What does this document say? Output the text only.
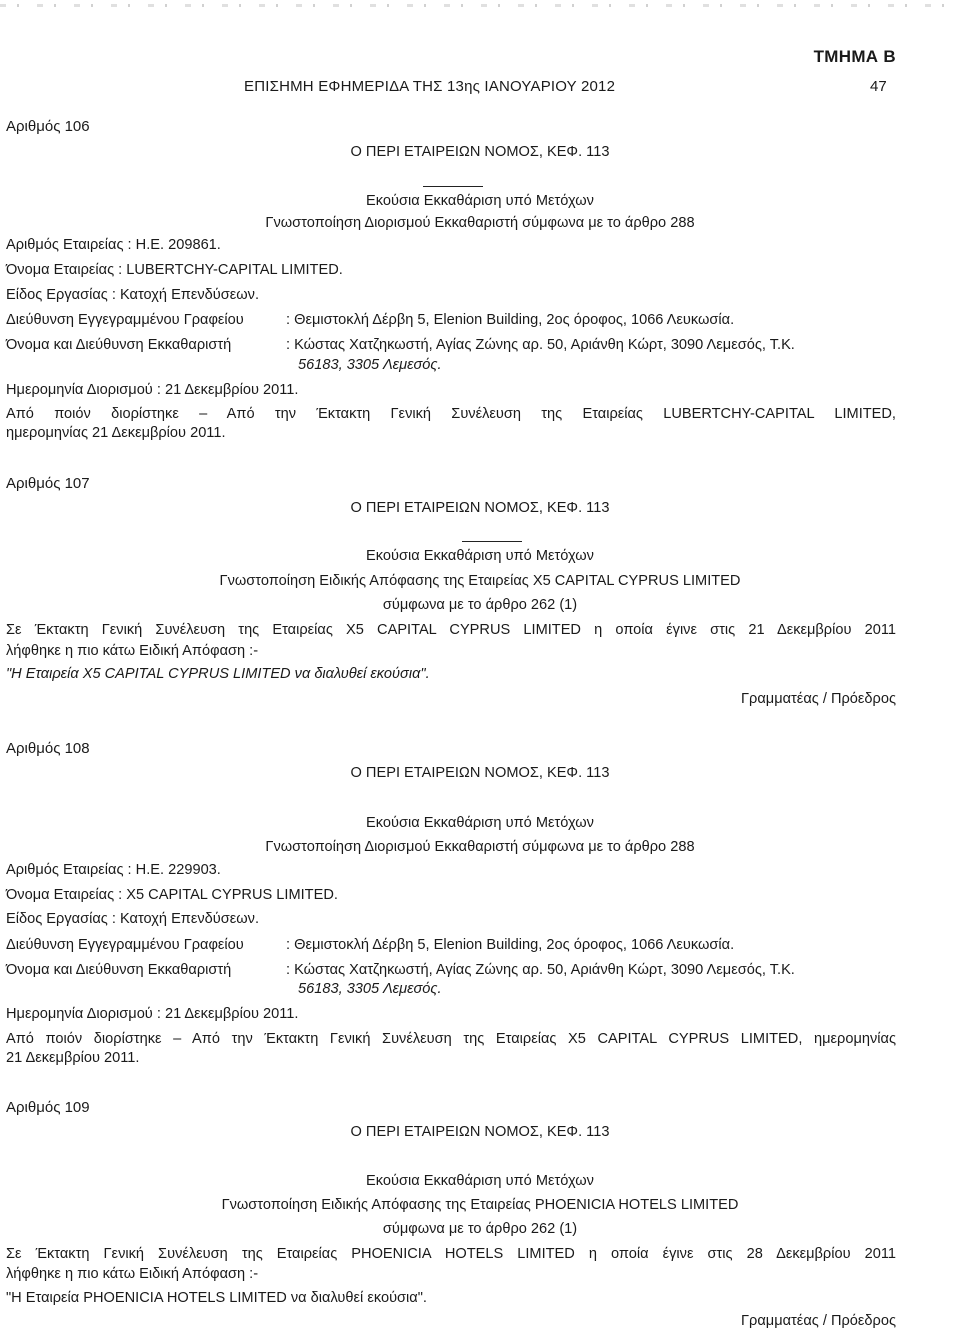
ΤΜΗΜΑ Β
ΕΠΙΣΗΜΗ ΕΦΗΜΕΡΙΔΑ ΤΗΣ 13ης ΙΑΝΟΥΑΡΙΟΥ 2012	47
Αριθμός 106
Ο ΠΕΡΙ ΕΤΑΙΡΕΙΩΝ ΝΟΜΟΣ, ΚΕΦ. 113
Εκούσια Εκκαθάριση υπό Μετόχων
Γνωστοποίηση Διορισμού Εκκαθαριστή σύμφωνα με το άρθρο 288
Αριθμός Εταιρείας : Η.Ε. 209861.
Όνομα Εταιρείας : LUBERTCHY-CAPITAL LIMITED.
Είδος Εργασίας : Κατοχή Επενδύσεων.
Διεύθυνση Εγγεγραμμένου Γραφείου	: Θεμιστοκλή Δέρβη 5, Elenion Building, 2ος όροφος, 1066 Λευκωσία.
Όνομα και Διεύθυνση Εκκαθαριστή	: Κώστας Χατζηκωστή, Αγίας Ζώνης αρ. 50, Αριάνθη Κώρτ, 3090 Λεμεσός, Τ.Κ.
56183, 3305 Λεμεσός.
Ημερομηνία Διορισμού : 21 Δεκεμβρίου 2011.
Από ποιόν διορίστηκε – Από την Έκτακτη Γενική Συνέλευση της Εταιρείας LUBERTCHY-CAPITAL LIMITED,
ημερομηνίας 21 Δεκεμβρίου 2011.
Αριθμός 107
Ο ΠΕΡΙ ΕΤΑΙΡΕΙΩΝ ΝΟΜΟΣ, ΚΕΦ. 113
Εκούσια Εκκαθάριση υπό Μετόχων
Γνωστοποίηση Ειδικής Απόφασης της Εταιρείας X5 CAPITAL CYPRUS LIMITED
σύμφωνα με το άρθρο 262 (1)
Σε Έκτακτη Γενική Συνέλευση της Εταιρείας X5 CAPITAL CYPRUS LIMITED η οποία έγινε στις 21 Δεκεμβρίου 2011
λήφθηκε η πιο κάτω Ειδική Απόφαση :-
"Η Εταιρεία X5 CAPITAL CYPRUS LIMITED να διαλυθεί εκούσια".
Γραμματέας / Πρόεδρος
Αριθμός 108
Ο ΠΕΡΙ ΕΤΑΙΡΕΙΩΝ ΝΟΜΟΣ, ΚΕΦ. 113
Εκούσια Εκκαθάριση υπό Μετόχων
Γνωστοποίηση Διορισμού Εκκαθαριστή σύμφωνα με το άρθρο 288
Αριθμός Εταιρείας : Η.Ε. 229903.
Όνομα Εταιρείας : X5 CAPITAL CYPRUS LIMITED.
Είδος Εργασίας : Κατοχή Επενδύσεων.
Διεύθυνση Εγγεγραμμένου Γραφείου	: Θεμιστοκλή Δέρβη 5, Elenion Building, 2ος όροφος, 1066 Λευκωσία.
Όνομα και Διεύθυνση Εκκαθαριστή	: Κώστας Χατζηκωστή, Αγίας Ζώνης αρ. 50, Αριάνθη Κώρτ, 3090 Λεμεσός, Τ.Κ.
56183, 3305 Λεμεσός.
Ημερομηνία Διορισμού : 21 Δεκεμβρίου 2011.
Από ποιόν διορίστηκε – Από την Έκτακτη Γενική Συνέλευση της Εταιρείας X5 CAPITAL CYPRUS LIMITED, ημερομηνίας
21 Δεκεμβρίου 2011.
Αριθμός 109
Ο ΠΕΡΙ ΕΤΑΙΡΕΙΩΝ ΝΟΜΟΣ, ΚΕΦ. 113
Εκούσια Εκκαθάριση υπό Μετόχων
Γνωστοποίηση Ειδικής Απόφασης της Εταιρείας PHOENICIA HOTELS LIMITED
σύμφωνα με το άρθρο 262 (1)
Σε Έκτακτη Γενική Συνέλευση της Εταιρείας PHOENICIA HOTELS LIMITED η οποία έγινε στις 28 Δεκεμβρίου 2011
λήφθηκε η πιο κάτω Ειδική Απόφαση :-
"Η Εταιρεία PHOENICIA HOTELS LIMITED να διαλυθεί εκούσια".
Γραμματέας / Πρόεδρος
